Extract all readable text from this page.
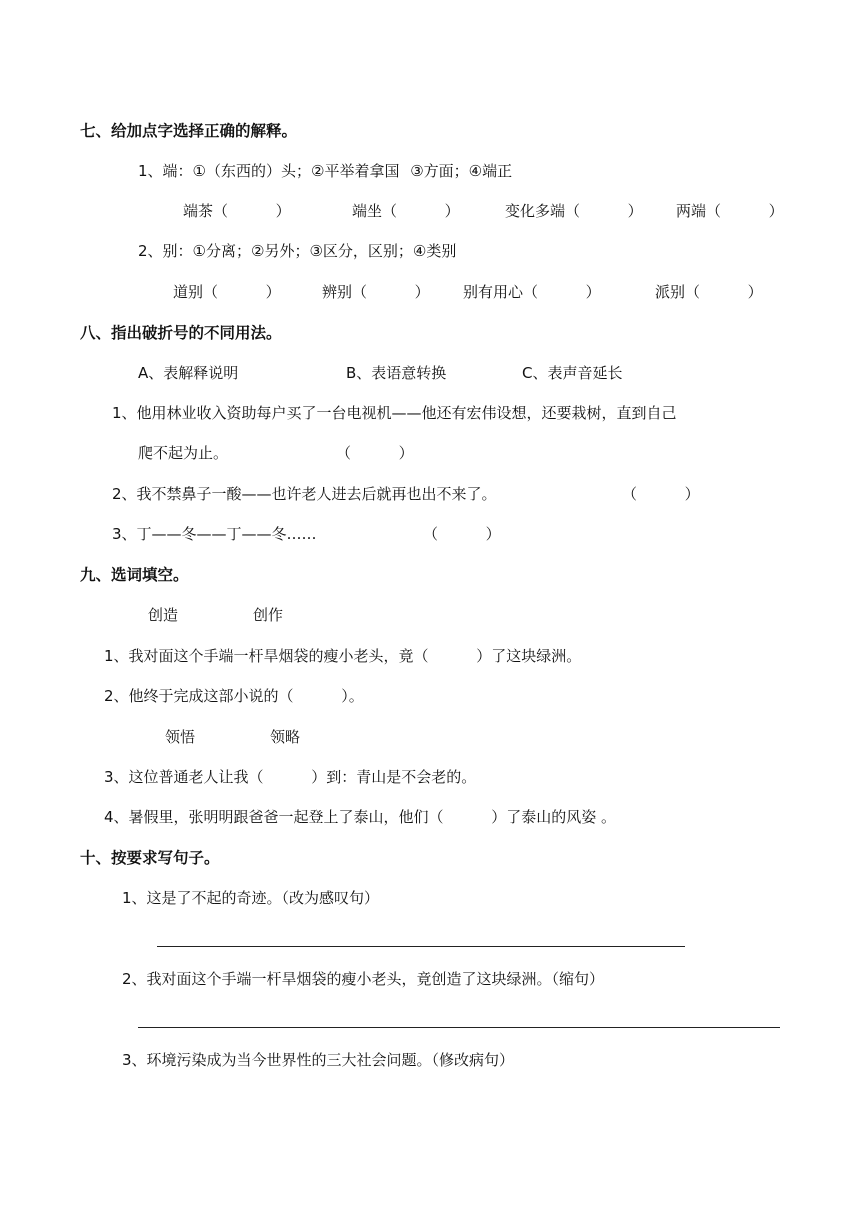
七、给加点字选择正确的解释。
1、端：①（东西的）头；②平举着拿国 ③方面；④端正
端茶（          ）	端坐（          ）	变化多端（          ） 两端（          ）
2、别：①分离；②另外；③区分，区别；④类别
道别（          ）	辨别（          ） 别有用心（          ）	派别（          ）
八、指出破折号的不同用法。
A、表解释说明	B、表语意转换	C、表声音延长
1、他用林业收入资助每户买了一台电视机——他还有宏伟设想，还要栽树，直到自己
爬不起为止。	（          ）
2、我不禁鼻子一酸——也许老人进去后就再也出不来了。	（          ）
3、丁——冬——丁——冬……	（          ）
九、选词填空。
创造	创作
1、我对面这个手端一杆旱烟袋的瘦小老头，竟（          ）了这块绿洲。
2、他终于完成这部小说的（          ）。
领悟	领略
3、这位普通老人让我（          ）到：青山是不会老的。
4、暑假里，张明明跟爸爸一起登上了泰山，他们（          ）了泰山的风姿 。
十、按要求写句子。
1、这是了不起的奇迹。（改为感叹句）
2、我对面这个手端一杆旱烟袋的瘦小老头，竟创造了这块绿洲。（缩句）
3、环境污染成为当今世界性的三大社会问题。（修改病句）
